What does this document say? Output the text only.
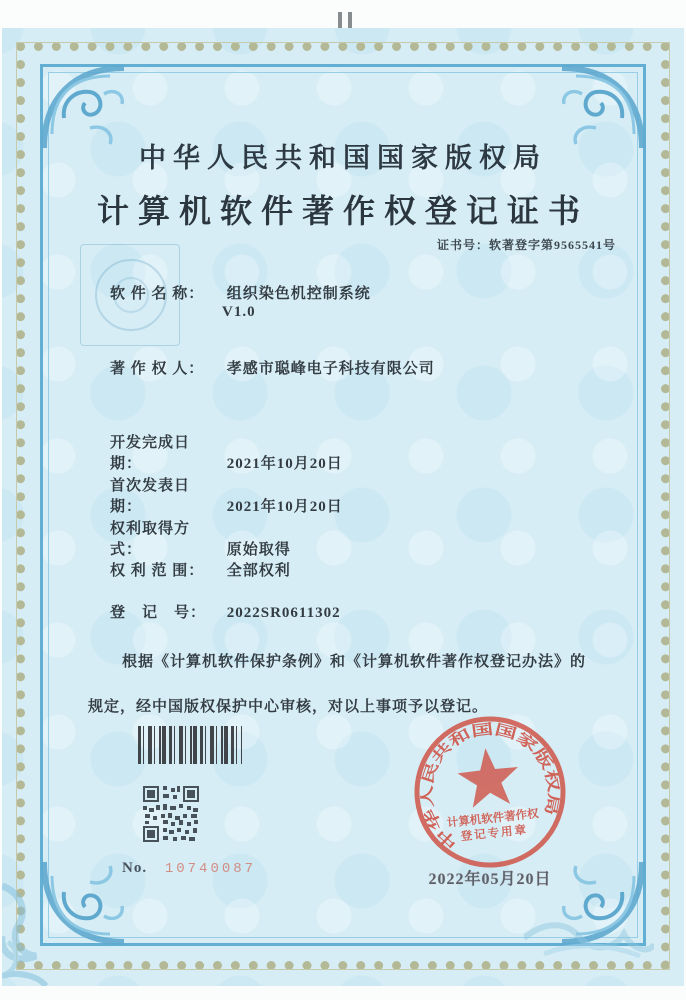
中华人民共和国国家版权局
计算机软件著作权登记证书
证书号：软著登字第9565541号
软 件 名 称： 组织染色机控制系统
V1.0
著 作 权 人： 孝感市聪峰电子科技有限公司
开发完成日期：	2021年10月20日
首次发表日期：	2021年10月20日
权利取得方式：	原始取得
权 利 范 围： 全部权利
登　记　号： 2022SR0611302
根据《计算机软件保护条例》和《计算机软件著作权登记办法》的
规定，经中国版权保护中心审核，对以上事项予以登记。
No. 10740087
中华人民共和国国家版权局
计算机软件著作权
登记专用章
2022年05月20日
